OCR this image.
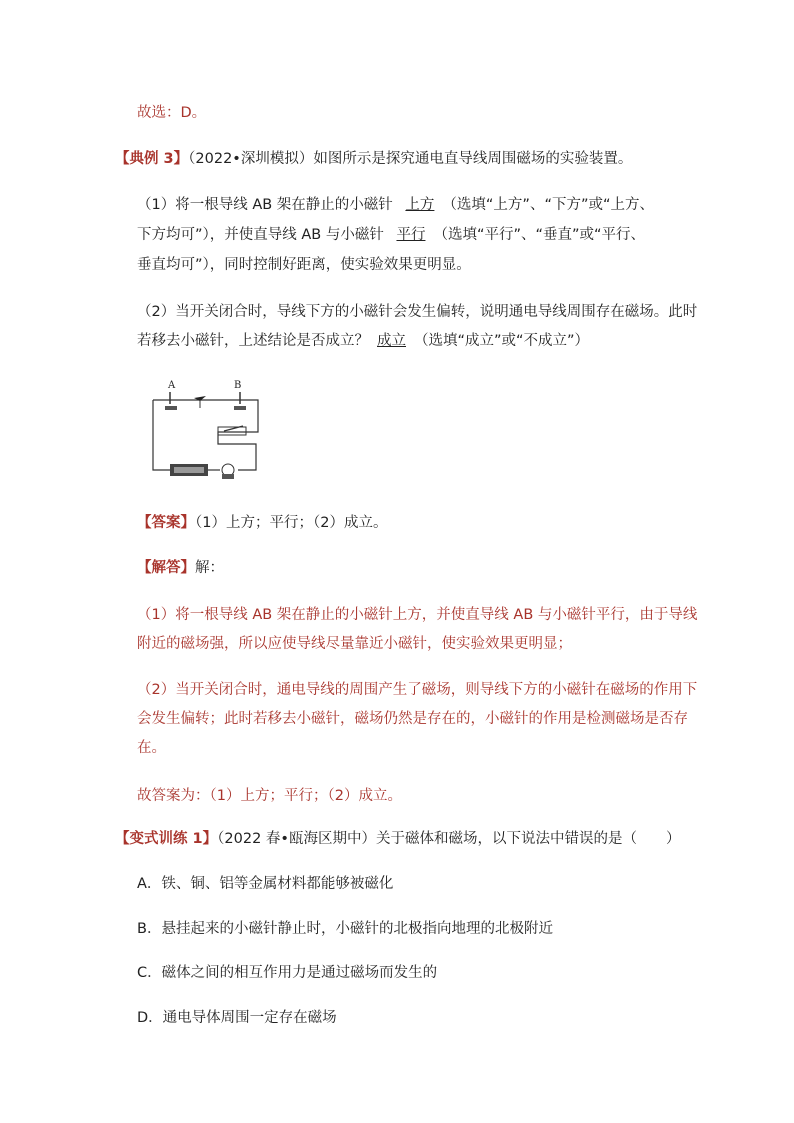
故选：D。
【典例 3】（2022•深圳模拟）如图所示是探究通电直导线周围磁场的实验装置。
（1）将一根导线 AB 架在静止的小磁针 上方 （选填“上方”、“下方”或“上方、
下方均可”），并使直导线 AB 与小磁针 平行 （选填“平行”、“垂直”或“平行、
垂直均可”），同时控制好距离，使实验效果更明显。
（2）当开关闭合时，导线下方的小磁针会发生偏转，说明通电导线周围存在磁场。此时
若移去小磁针，上述结论是否成立？ 成立 （选填“成立”或“不成立”）
A	B
【答案】（1）上方；平行；（2）成立。
【解答】解：
（1）将一根导线 AB 架在静止的小磁针上方，并使直导线 AB 与小磁针平行，由于导线
附近的磁场强，所以应使导线尽量靠近小磁针，使实验效果更明显；
（2）当开关闭合时，通电导线的周围产生了磁场，则导线下方的小磁针在磁场的作用下
会发生偏转；此时若移去小磁针，磁场仍然是存在的，小磁针的作用是检测磁场是否存
在。
故答案为：（1）上方；平行；（2）成立。
【变式训练 1】（2022 春•瓯海区期中）关于磁体和磁场，以下说法中错误的是（　　）
A．铁、铜、铝等金属材料都能够被磁化
B．悬挂起来的小磁针静止时，小磁针的北极指向地理的北极附近
C．磁体之间的相互作用力是通过磁场而发生的
D．通电导体周围一定存在磁场
